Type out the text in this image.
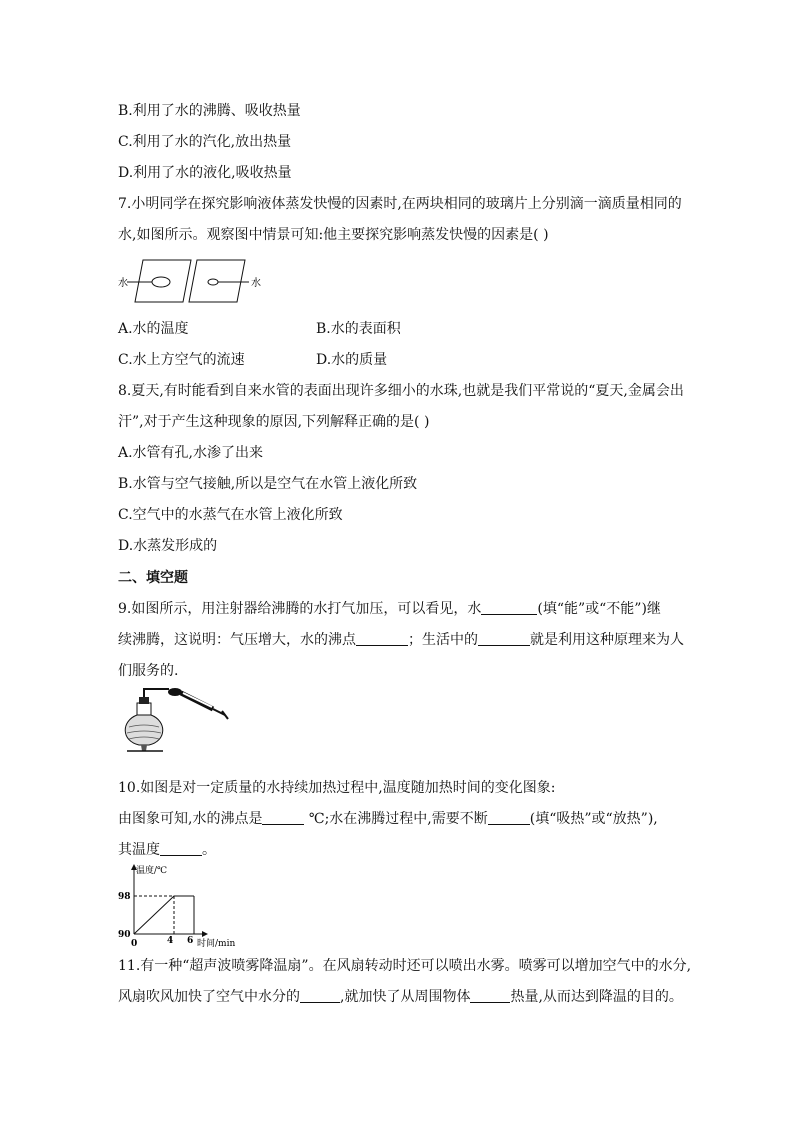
B.利用了水的沸腾、吸收热量
C.利用了水的汽化,放出热量
D.利用了水的液化,吸收热量
7.小明同学在探究影响液体蒸发快慢的因素时,在两块相同的玻璃片上分别滴一滴质量相同的
水,如图所示。观察图中情景可知:他主要探究影响蒸发快慢的因素是( )
水	水
A.水的温度	B.水的表面积
C.水上方空气的流速	D.水的质量
8.夏天,有时能看到自来水管的表面出现许多细小的水珠,也就是我们平常说的“夏天,金属会出
汗”,对于产生这种现象的原因,下列解释正确的是( )
A.水管有孔,水渗了出来
B.水管与空气接触,所以是空气在水管上液化所致
C.空气中的水蒸气在水管上液化所致
D.水蒸发形成的
二、填空题
9.如图所示，用注射器给沸腾的水打气加压，可以看见，水	(填“能”或“不能”)继
续沸腾，这说明：气压增大，水的沸点	；生活中的	就是利用这种原理来为人
们服务的.
10.如图是对一定质量的水持续加热过程中,温度随加热时间的变化图象:
由图象可知,水的沸点是	℃;水在沸腾过程中,需要不断	(填“吸热”或“放热”),
其温度	。
温度/℃
时间/min
98
90
0	4 6
11.有一种“超声波喷雾降温扇”。在风扇转动时还可以喷出水雾。喷雾可以增加空气中的水分,
风扇吹风加快了空气中水分的	,就加快了从周围物体	热量,从而达到降温的目的。
